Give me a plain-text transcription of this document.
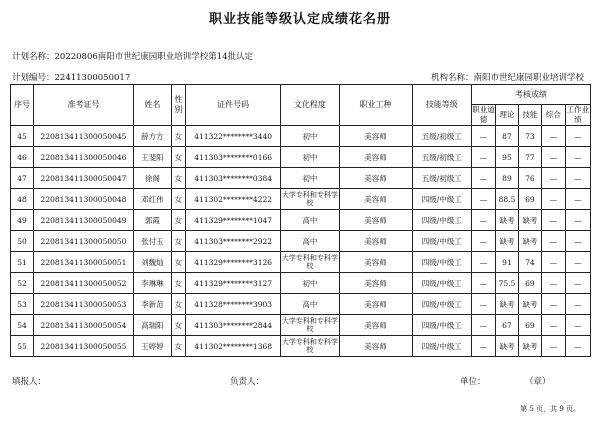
职业技能等级认定成绩花名册
计划名称：20220806南阳市世纪康园职业培训学校第14批认定
计划编号：22411300050017	机构名称：南阳市世纪康园职业培训学校
序号	准考证号	姓名	性别	证件号码	文化程度	职业工种	技能等级	考核成绩				
								职业道德	理论	技能	综合	工作业绩
45	220813411300050045	薛方方	女	411322********3440	初中	美容师	五级/初级工	—	87	73	—	—
46	220813411300050046	王斐阳	女	411303********0166	初中	美容师	五级/初级工	—	95	77	—	—
47	220813411300050047	徐阁	女	411303********0384	初中	美容师	五级/初级工	—	89	76	—	—
48	220813411300050048	邓红伟	女	411302********4222	大学专科和专科学校	美容师	四级/中级工	—	88.5	69	—	—
49	220813411300050049	郭霞	女	411329********1047	高中	美容师	四级/中级工	—	缺考	缺考	—	—
50	220813411300050050	张付玉	女	411303********2922	高中	美容师	四级/中级工	—	缺考	缺考	—	—
51	220813411300050051	刘魏灿	女	411329********3126	大学专科和专科学校	美容师	四级/中级工	—	91	74	—	—
52	220813411300050052	李琳琳	女	411329********3127	初中	美容师	四级/中级工	—	75.5	69	—	—
53	220813411300050053	李新范	女	411328********3903	高中	美容师	四级/中级工	—	缺考	缺考	—	—
54	220813411300050054	高瑞阳	女	411303********2844	大学专科和专科学校	美容师	四级/中级工	—	67	69	—	—
55	220813411300050055	王婷婷	女	411302********1368	大学专科和专科学校	美容师	四级/中级工	—	缺考	缺考	—	—
填报人：	负责人：	单位：	（章）
第 5 页，共 9 页。
